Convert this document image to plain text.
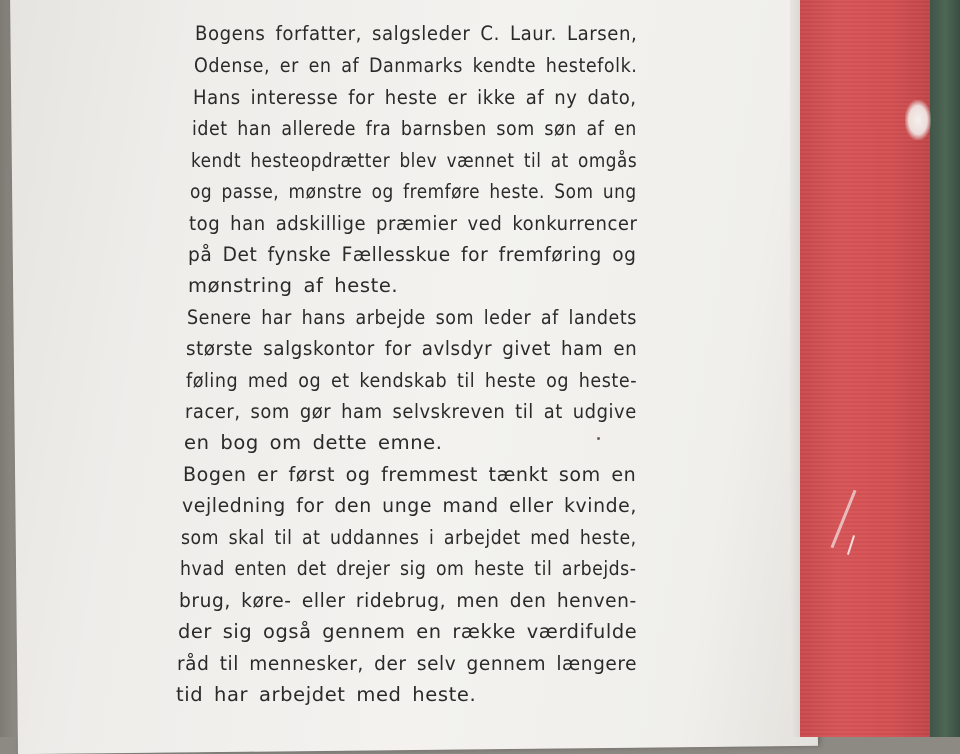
Bogens forfatter, salgsleder C. Laur. Larsen,
Odense, er en af Danmarks kendte hestefolk.
Hans interesse for heste er ikke af ny dato,
idet han allerede fra barnsben som søn af en
kendt hesteopdrætter blev vænnet til at omgås
og passe, mønstre og fremføre heste. Som ung
tog han adskillige præmier ved konkurrencer
på Det fynske Fællesskue for fremføring og
mønstring af heste.
Senere har hans arbejde som leder af landets
største salgskontor for avlsdyr givet ham en
føling med og et kendskab til heste og heste-
racer, som gør ham selvskreven til at udgive
en bog om dette emne.
Bogen er først og fremmest tænkt som en
vejledning for den unge mand eller kvinde,
som skal til at uddannes i arbejdet med heste,
hvad enten det drejer sig om heste til arbejds-
brug, køre- eller ridebrug, men den henven-
der sig også gennem en række værdifulde
råd til mennesker, der selv gennem længere
tid har arbejdet med heste.
